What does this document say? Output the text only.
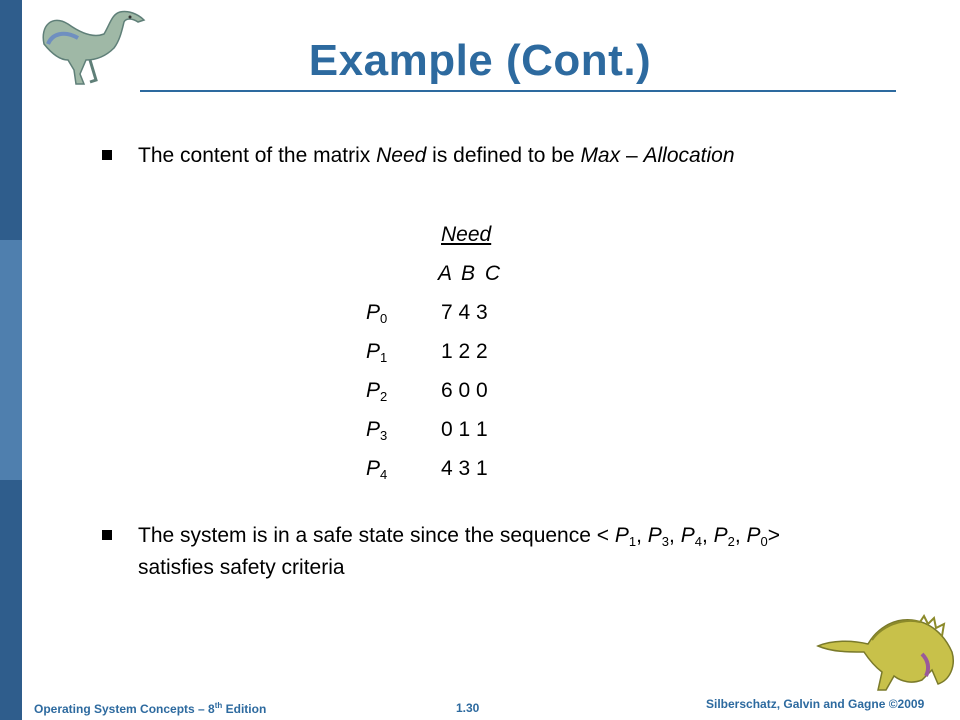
Example (Cont.)
The content of the matrix Need is defined to be Max – Allocation
Need
A B C
$P_0$	7 4 3
$P_1$	1 2 2
$P_2$	6 0 0
$P_3$	0 1 1
$P_4$	4 3 1
The system is in a safe state since the sequence < $P_1$, $P_3$, $P_4$, $P_2$, $P_0>$
satisfies safety criteria
Operating System Concepts – 8th Edition	1.30	Silberschatz, Galvin and Gagne ©2009
